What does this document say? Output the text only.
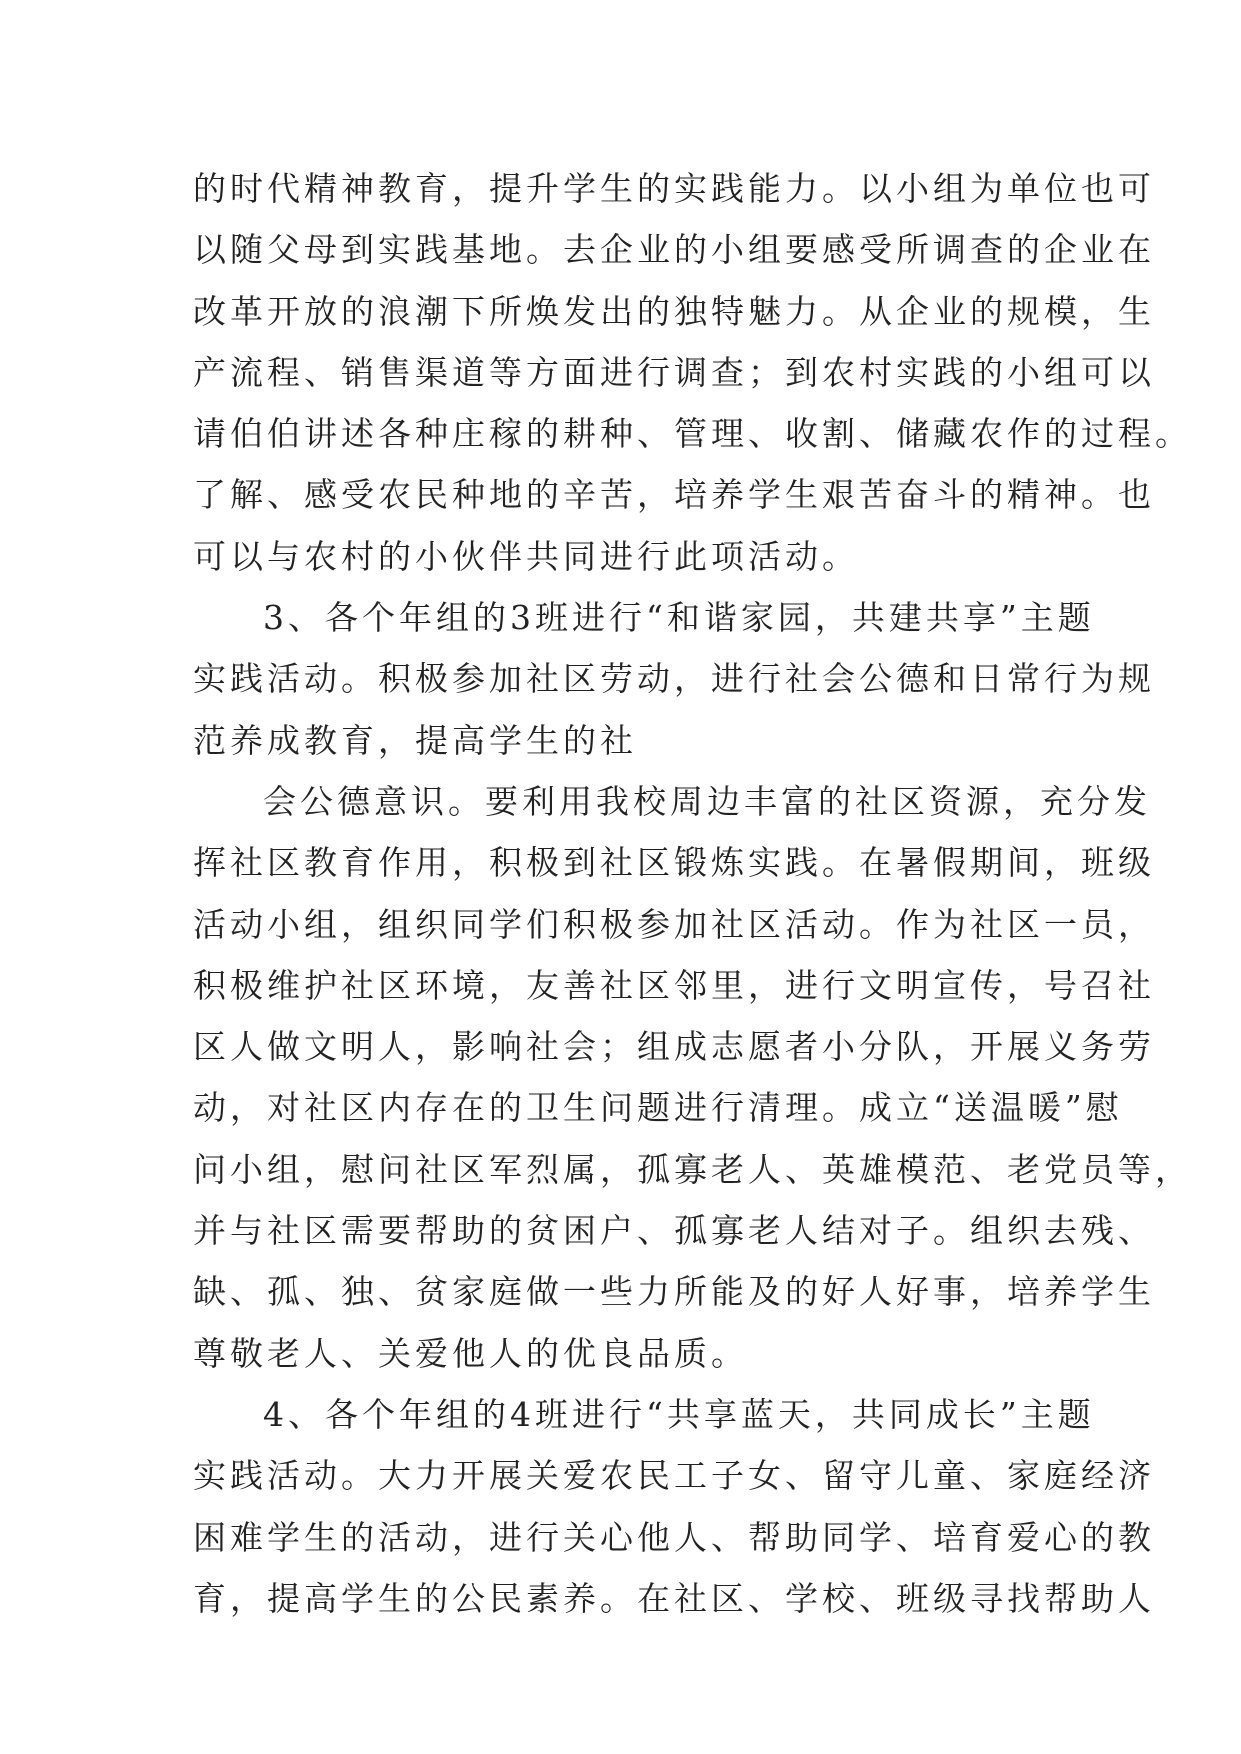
的时代精神教育，提升学生的实践能力。以小组为单位也可
以随父母到实践基地。去企业的小组要感受所调查的企业在
改革开放的浪潮下所焕发出的独特魅力。从企业的规模，生
产流程、销售渠道等方面进行调查；到农村实践的小组可以
请伯伯讲述各种庄稼的耕种、管理、收割、储藏农作的过程。
了解、感受农民种地的辛苦，培养学生艰苦奋斗的精神。也
可以与农村的小伙伴共同进行此项活动。
3、各个年组的3班进行“和谐家园，共建共享”主题
实践活动。积极参加社区劳动，进行社会公德和日常行为规
范养成教育，提高学生的社
会公德意识。要利用我校周边丰富的社区资源，充分发
挥社区教育作用，积极到社区锻炼实践。在暑假期间，班级
活动小组，组织同学们积极参加社区活动。作为社区一员，
积极维护社区环境，友善社区邻里，进行文明宣传，号召社
区人做文明人，影响社会；组成志愿者小分队，开展义务劳
动，对社区内存在的卫生问题进行清理。成立“送温暖”慰
问小组，慰问社区军烈属，孤寡老人、英雄模范、老党员等，
并与社区需要帮助的贫困户、孤寡老人结对子。组织去残、
缺、孤、独、贫家庭做一些力所能及的好人好事，培养学生
尊敬老人、关爱他人的优良品质。
4、各个年组的4班进行“共享蓝天，共同成长”主题
实践活动。大力开展关爱农民工子女、留守儿童、家庭经济
困难学生的活动，进行关心他人、帮助同学、培育爱心的教
育，提高学生的公民素养。在社区、学校、班级寻找帮助人
